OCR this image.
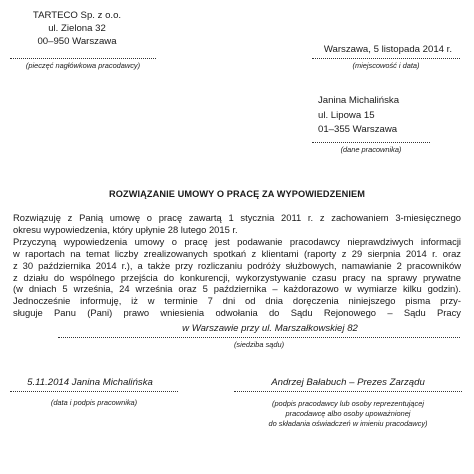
TARTECO Sp. z o.o.
ul. Zielona 32
00–950 Warszawa
(pieczęć nagłówkowa pracodawcy)
Warszawa, 5 listopada 2014 r.
(miejscowość i data)
Janina Michalińska
ul. Lipowa 15
01–355 Warszawa
(dane pracownika)
ROZWIĄZANIE UMOWY O PRACĘ ZA WYPOWIEDZENIEM
Rozwiązuję z Panią umowę o pracę zawartą 1 stycznia 2011 r. z zachowaniem 3-miesięcznego
okresu wypowiedzenia, który upłynie 28 lutego 2015 r.
Przyczyną wypowiedzenia umowy o pracę jest podawanie pracodawcy nieprawdziwych informacji
w raportach na temat liczby zrealizowanych spotkań z klientami (raporty z 29 sierpnia 2014 r. oraz
z 30 października 2014 r.), a także przy rozliczaniu podróży służbowych, namawianie 2 pracowników
z działu do wspólnego przejścia do konkurencji, wykorzystywanie czasu pracy na sprawy prywatne
(w dniach 5 września, 24 września oraz 5 października – każdorazowo w wymiarze kilku godzin).
Jednocześnie informuję, iż w terminie 7 dni od dnia doręczenia niniejszego pisma przy-
sługuje Panu (Pani) prawo wniesienia odwołania do Sądu Rejonowego – Sądu Pracy
w Warszawie przy ul. Marszałkowskiej 82
(siedziba sądu)
5.11.2014 Janina Michalińska
(data i podpis pracownika)
Andrzej Bałabuch – Prezes Zarządu
(podpis pracodawcy lub osoby reprezentującej
pracodawcę albo osoby upoważnionej
do składania oświadczeń w imieniu pracodawcy)
